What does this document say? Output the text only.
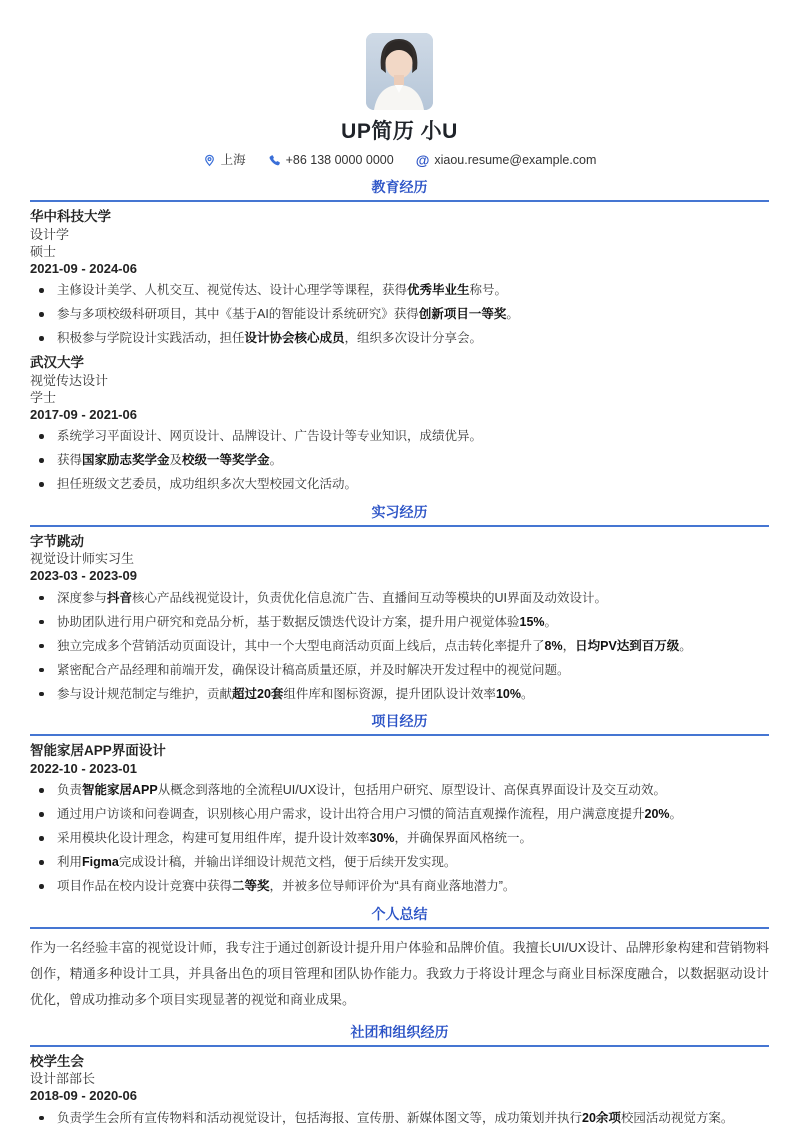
UP简历 小U
上海	+86 138 0000 0000 @ xiaou.resume@example.com
教育经历
华中科技大学
设计学
硕士
2021-09 - 2024-06
主修设计美学、人机交互、视觉传达、设计心理学等课程，获得优秀毕业生称号。
参与多项校级科研项目，其中《基于AI的智能设计系统研究》获得创新项目一等奖。
积极参与学院设计实践活动，担任设计协会核心成员，组织多次设计分享会。
武汉大学
视觉传达设计
学士
2017-09 - 2021-06
系统学习平面设计、网页设计、品牌设计、广告设计等专业知识，成绩优异。
获得国家励志奖学金及校级一等奖学金。
担任班级文艺委员，成功组织多次大型校园文化活动。
实习经历
字节跳动
视觉设计师实习生
2023-03 - 2023-09
深度参与抖音核心产品线视觉设计，负责优化信息流广告、直播间互动等模块的UI界面及动效设计。
协助团队进行用户研究和竞品分析，基于数据反馈迭代设计方案，提升用户视觉体验15%。
独立完成多个营销活动页面设计，其中一个大型电商活动页面上线后，点击转化率提升了8%，日均PV达到百万级。
紧密配合产品经理和前端开发，确保设计稿高质量还原，并及时解决开发过程中的视觉问题。
参与设计规范制定与维护，贡献超过20套组件库和图标资源，提升团队设计效率10%。
项目经历
智能家居APP界面设计
2022-10 - 2023-01
负责智能家居APP从概念到落地的全流程UI/UX设计，包括用户研究、原型设计、高保真界面设计及交互动效。
通过用户访谈和问卷调查，识别核心用户需求，设计出符合用户习惯的简洁直观操作流程，用户满意度提升20%。
采用模块化设计理念，构建可复用组件库，提升设计效率30%，并确保界面风格统一。
利用Figma完成设计稿，并输出详细设计规范文档，便于后续开发实现。
项目作品在校内设计竞赛中获得二等奖，并被多位导师评价为“具有商业落地潜力”。
个人总结

作为一名经验丰富的视觉设计师，我专注于通过创新设计提升用户体验和品牌价值。我擅长UI/UX设计、品牌形象构建和营销物料创作，精通多种设计工具，并具备出色的项目管理和团队协作能力。我致力于将设计理念与商业目标深度融合，以数据驱动设计优化，曾成功推动多个项目实现显著的视觉和商业成果。

社团和组织经历
校学生会
设计部部长
2018-09 - 2020-06
负责学生会所有宣传物料和活动视觉设计，包括海报、宣传册、新媒体图文等，成功策划并执行20余项校园活动视觉方案。
